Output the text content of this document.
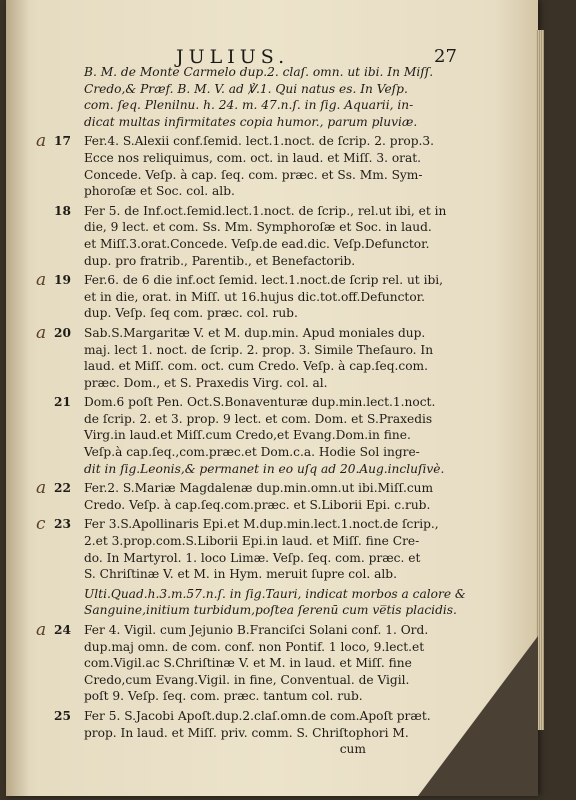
JULIUS.	27
B. M. de Monte Carmelo dup.2. claſ. omn. ut ibi. In Miſſ.
Credo,& Præf. B. M. V. ad ℣.1. Qui natus es. In Veſp.
com. ſeq. Plenilnu. h. 24. m. 47.n.ſ. in ſig. Aquarii, in-
dicat multas infirmitates copia humor., parum pluviæ.
a 17 Fer.4. S.Alexii conf.ſemid. lect.1.noct. de ſcrip. 2. prop.3.
Ecce nos reliquimus, com. oct. in laud. et Miſſ. 3. orat.
Concede. Veſp. à cap. ſeq. com. præc. et Ss. Mm. Sym-
phoroſæ et Soc. col. alb.
18 Fer 5. de Inf.oct.ſemid.lect.1.noct. de ſcrip., rel.ut ibi, et in
die, 9 lect. et com. Ss. Mm. Symphoroſæ et Soc. in laud.
et Miſſ.3.orat.Concede. Veſp.de ead.dic. Veſp.Defunctor.
dup. pro fratrib., Parentib., et Benefactorib.
a 19 Fer.6. de 6 die inf.oct ſemid. lect.1.noct.de ſcrip rel. ut ibi,
et in die, orat. in Miſſ. ut 16.hujus dic.tot.off.Defunctor.
dup. Veſp. ſeq com. præc. col. rub.
a 20 Sab.S.Margaritæ V. et M. dup.min. Apud moniales dup.
maj. lect 1. noct. de ſcrip. 2. prop. 3. Simile Theſauro. In
laud. et Miſſ. com. oct. cum Credo. Veſp. à cap.ſeq.com.
præc. Dom., et S. Praxedis Virg. col. al.
21 Dom.6 poſt Pen. Oct.S.Bonaventuræ dup.min.lect.1.noct.
de ſcrip. 2. et 3. prop. 9 lect. et com. Dom. et S.Praxedis
Virg.in laud.et Miſſ.cum Credo,et Evang.Dom.in fine.
Veſp.à cap.ſeq.,com.præc.et Dom.c.a. Hodie Sol ingre-
dit in ſig.Leonis,& permanet in eo uſq ad 20.Aug.incluſivè.
a 22 Fer.2. S.Mariæ Magdalenæ dup.min.omn.ut ibi.Miſſ.cum
Credo. Veſp. à cap.ſeq.com.præc. et S.Liborii Epi. c.rub.
c 23 Fer 3.S.Apollinaris Epi.et M.dup.min.lect.1.noct.de ſcrip.,
2.et 3.prop.com.S.Liborii Epi.in laud. et Miſſ. fine Cre-
do. In Martyrol. 1. loco Limæ. Veſp. ſeq. com. præc. et
S. Chriſtinæ V. et M. in Hym. meruit ſupre col. alb.
Ulti.Quad.h.3.m.57.n.ſ. in ſig.Tauri, indicat morbos a calore &
Sanguine,initium turbidum,poſtea ſerenū cum ve̅tis placidis.
a 24 Fer 4. Vigil. cum Jejunio B.Franciſci Solani conf. 1. Ord.
dup.maj omn. de com. conf. non Pontif. 1 loco, 9.lect.et
com.Vigil.ac S.Chriſtinæ V. et M. in laud. et Miſſ. fine
Credo,cum Evang.Vigil. in fine, Conventual. de Vigil.
poſt 9. Veſp. ſeq. com. præc. tantum col. rub.
25 Fer 5. S.Jacobi Apoſt.dup.2.claſ.omn.de com.Apoſt præt.
prop. In laud. et Miſſ. priv. comm. S. Chriſtophori M.
cum
